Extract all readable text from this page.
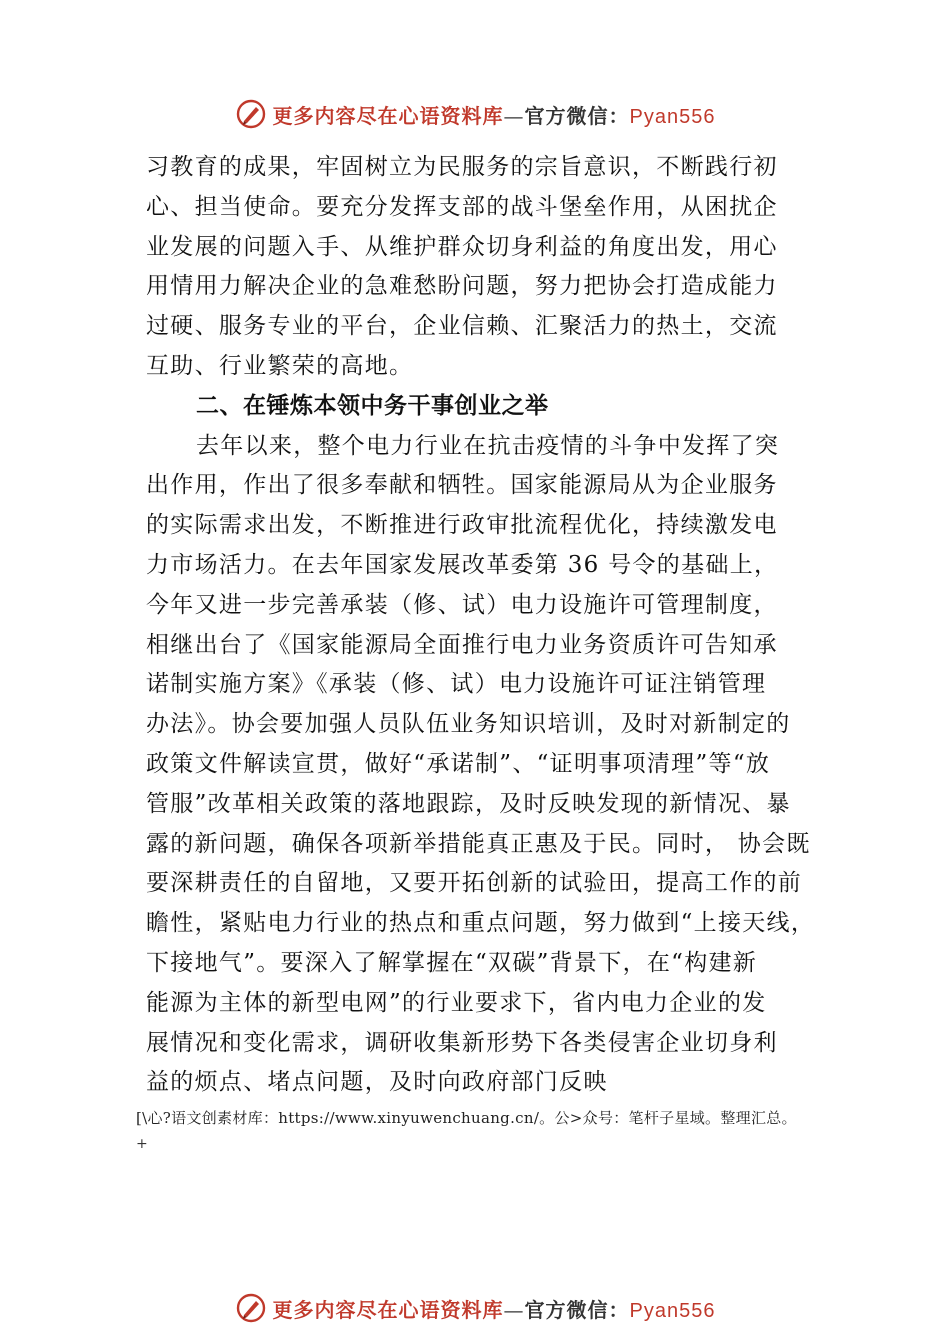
更多内容尽在心语资料库—官方微信：Pyan556
习教育的成果，牢固树立为民服务的宗旨意识，不断践行初
心、担当使命。要充分发挥支部的战斗堡垒作用，从困扰企
业发展的问题入手、从维护群众切身利益的角度出发，用心
用情用力解决企业的急难愁盼问题，努力把协会打造成能力
过硬、服务专业的平台，企业信赖、汇聚活力的热土，交流
互助、行业繁荣的高地。
二、在锤炼本领中务干事创业之举
去年以来，整个电力行业在抗击疫情的斗争中发挥了突
出作用，作出了很多奉献和牺牲。国家能源局从为企业服务
的实际需求出发，不断推进行政审批流程优化，持续激发电
力市场活力。在去年国家发展改革委第 36 号令的基础上，
今年又进一步完善承装（修、试）电力设施许可管理制度，
相继出台了《国家能源局全面推行电力业务资质许可告知承
诺制实施方案》《承装（修、试）电力设施许可证注销管理
办法》。协会要加强人员队伍业务知识培训，及时对新制定的
政策文件解读宣贯，做好“承诺制”、“证明事项清理”等“放
管服”改革相关政策的落地跟踪，及时反映发现的新情况、暴
露的新问题，确保各项新举措能真正惠及于民。同时， 协会既
要深耕责任的自留地，又要开拓创新的试验田，提高工作的前
瞻性，紧贴电力行业的热点和重点问题，努力做到“上接天线，
下接地气”。要深入了解掌握在“双碳”背景下，在“构建新
能源为主体的新型电网”的行业要求下，省内电力企业的发
展情况和变化需求，调研收集新形势下各类侵害企业切身利
益的烦点、堵点问题，及时向政府部门反映
[\心?语文创素材库：https://www.xinyuwenchuang.cn/。公>众号：笔杆子星域。整理汇总。
+
更多内容尽在心语资料库—官方微信：Pyan556
